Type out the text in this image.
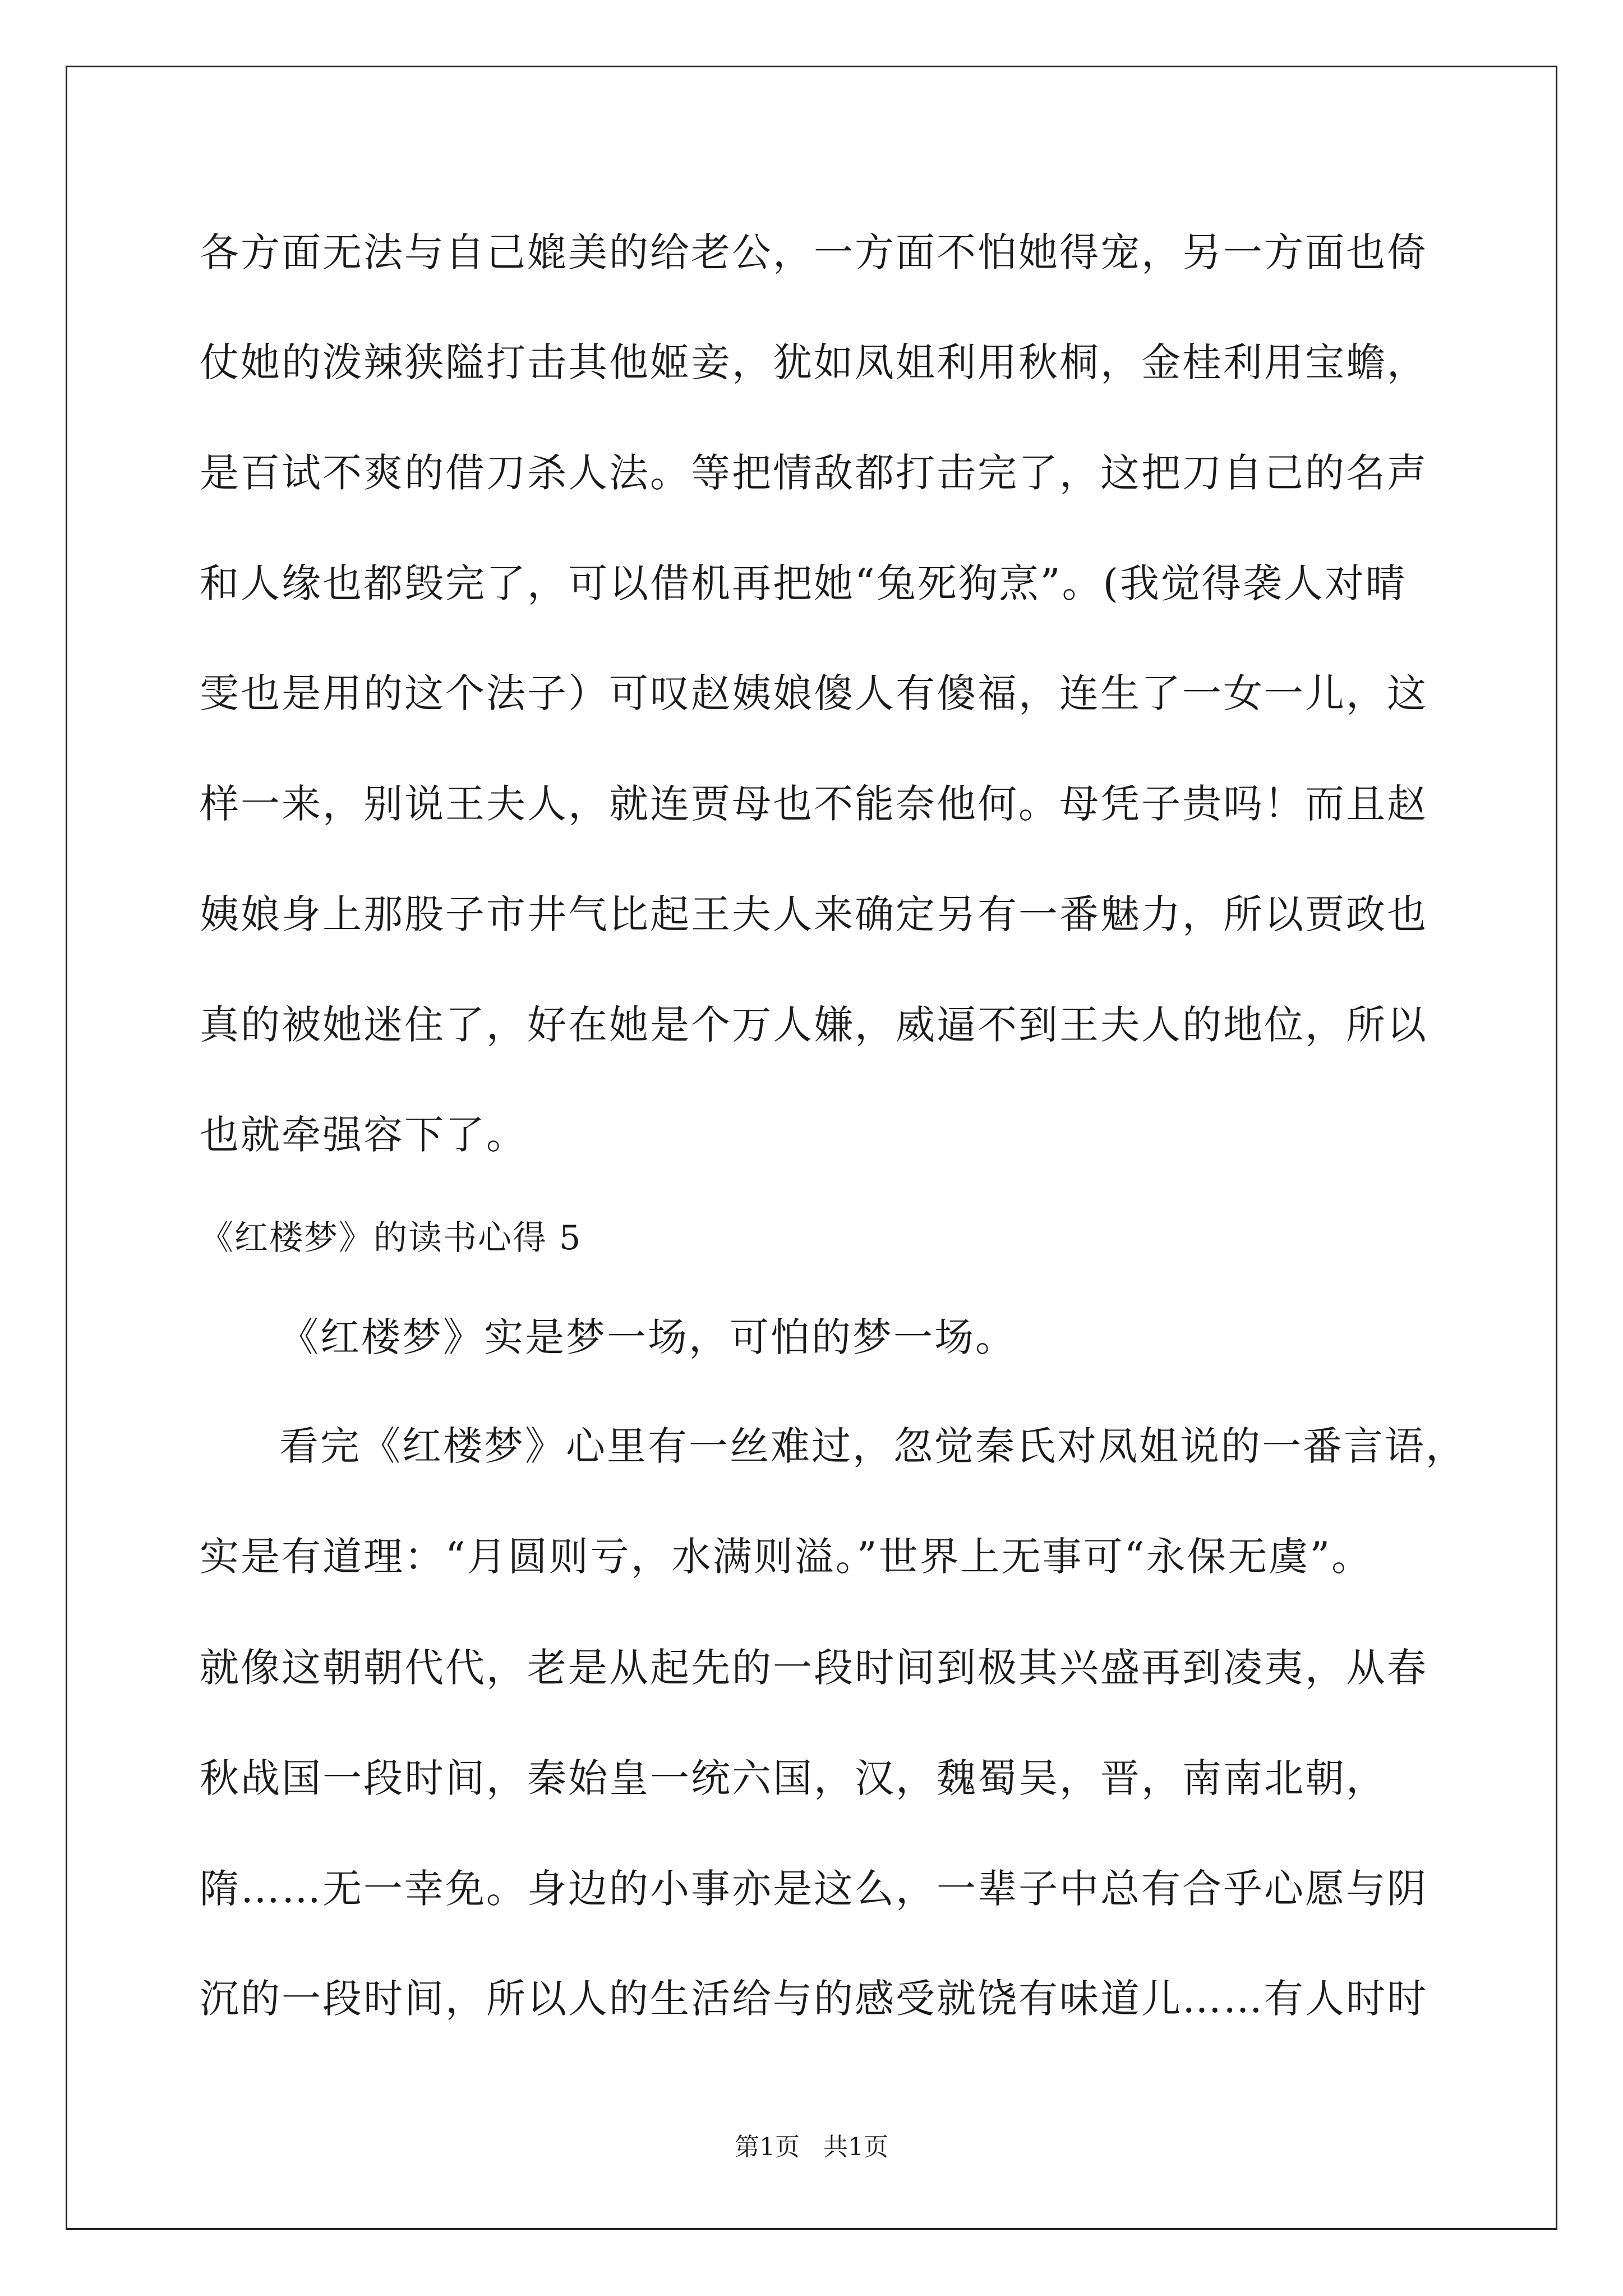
各方面无法与自己媲美的给老公，一方面不怕她得宠，另一方面也倚
仗她的泼辣狭隘打击其他姬妾，犹如凤姐利用秋桐，金桂利用宝蟾，
是百试不爽的借刀杀人法。等把情敌都打击完了，这把刀自己的名声
和人缘也都毁完了，可以借机再把她“兔死狗烹”。(我觉得袭人对晴
雯也是用的这个法子）可叹赵姨娘傻人有傻福，连生了一女一儿，这
样一来，别说王夫人，就连贾母也不能奈他何。母凭子贵吗！而且赵
姨娘身上那股子市井气比起王夫人来确定另有一番魅力，所以贾政也
真的被她迷住了，好在她是个万人嫌，威逼不到王夫人的地位，所以
也就牵强容下了。
《红楼梦》的读书心得 5
《红楼梦》实是梦一场，可怕的梦一场。
看完《红楼梦》心里有一丝难过，忽觉秦氏对凤姐说的一番言语，
实是有道理：“月圆则亏，水满则溢。”世界上无事可“永保无虞”。
就像这朝朝代代，老是从起先的一段时间到极其兴盛再到凌夷，从春
秋战国一段时间，秦始皇一统六国，汉，魏蜀吴，晋，南南北朝，
隋……无一幸免。身边的小事亦是这么，一辈子中总有合乎心愿与阴
沉的一段时间，所以人的生活给与的感受就饶有味道儿……有人时时
第1页   共1页
